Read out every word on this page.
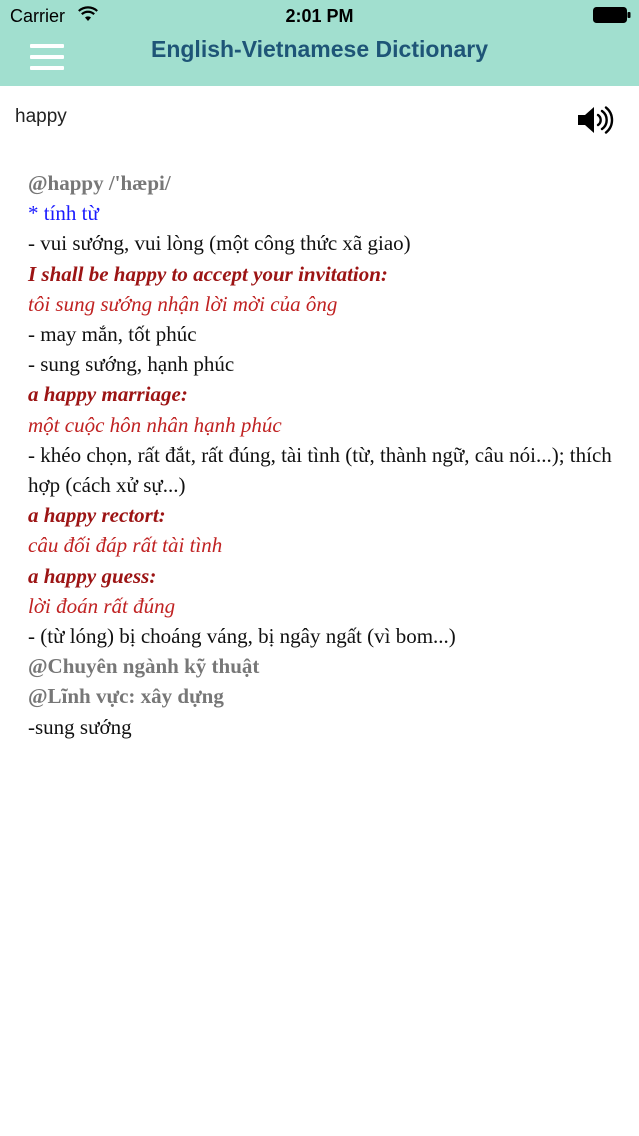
Carrier	2:01 PM
English-Vietnamese Dictionary
happy
@happy /'hæpi/
* tính từ
- vui sướng, vui lòng (một công thức xã giao)
I shall be happy to accept your invitation:
tôi sung sướng nhận lời mời của ông
- may mắn, tốt phúc
- sung sướng, hạnh phúc
a happy marriage:
một cuộc hôn nhân hạnh phúc
- khéo chọn, rất đắt, rất đúng, tài tình (từ, thành ngữ, câu nói...); thích hợp (cách xử sự...)
a happy rectort:
câu đối đáp rất tài tình
a happy guess:
lời đoán rất đúng
- (từ lóng) bị choáng váng, bị ngây ngất (vì bom...)
@Chuyên ngành kỹ thuật
@Lĩnh vực: xây dựng
-sung sướng
